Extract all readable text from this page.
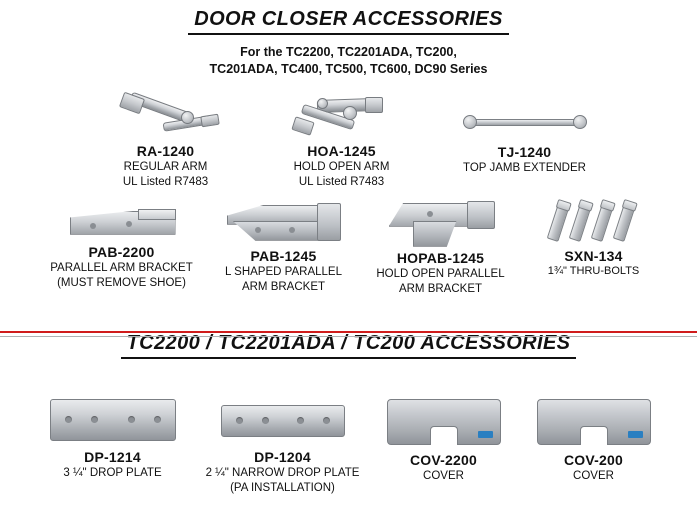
DOOR CLOSER ACCESSORIES
For the TC2200, TC2201ADA, TC200,
TC201ADA, TC400, TC500, TC600, DC90 Series
RA-1240
REGULAR ARM
UL Listed R7483
HOA-1245
HOLD OPEN ARM
UL Listed R7483
TJ-1240
TOP JAMB EXTENDER
PAB-2200
PARALLEL ARM BRACKET
(MUST REMOVE SHOE)
PAB-1245
L SHAPED PARALLEL
ARM BRACKET
HOPAB-1245
HOLD OPEN PARALLEL
ARM BRACKET
SXN-134
1¾" THRU-BOLTS
TC2200 / TC2201ADA / TC200 ACCESSORIES
DP-1214
3 ¼" DROP PLATE
DP-1204
2 ¼" NARROW DROP PLATE
(PA INSTALLATION)
COV-2200
COVER
COV-200
COVER
